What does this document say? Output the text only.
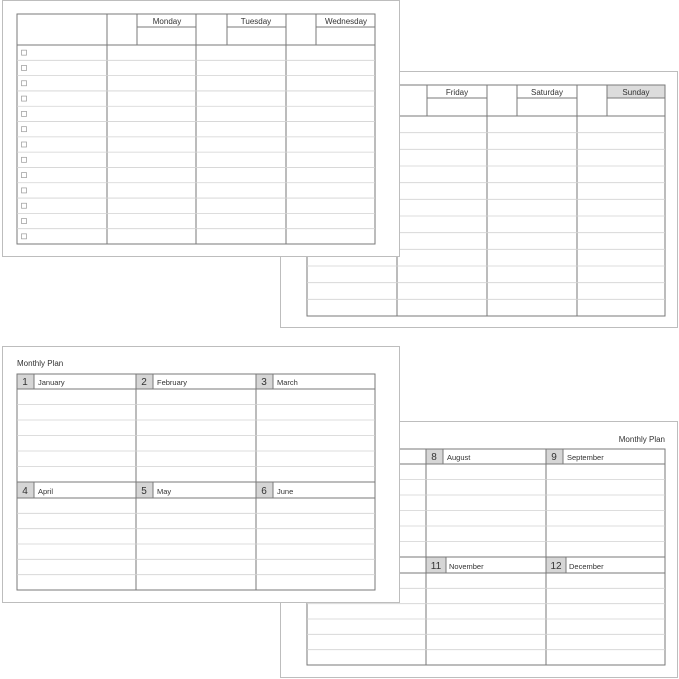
Friday	Saturday	Sunday
Monday	Tuesday	Wednesday
Monthly Plan
8 August	9 September
11 November	12 December
Monthly Plan
1 January	2 February	3 March
4 April	5 May	6 June
